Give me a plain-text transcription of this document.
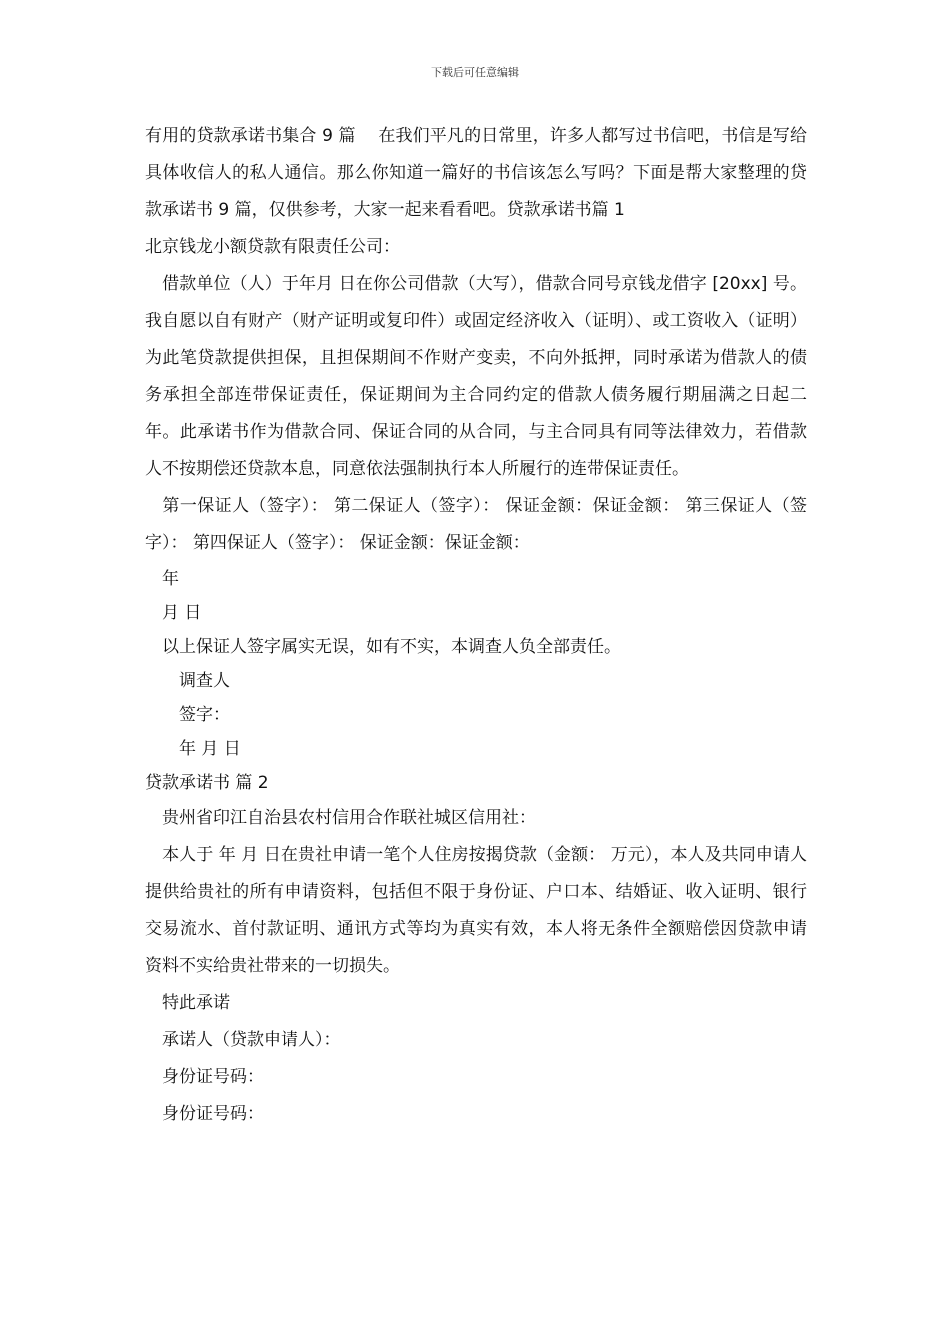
下载后可任意编辑

有用的贷款承诺书集合 9 篇　 在我们平凡的日常里，许多人都写过书信吧，书信是写给具体收信人的私人通信。那么你知道一篇好的书信该怎么写吗？下面是帮大家整理的贷款承诺书 9 篇，仅供参考，大家一起来看看吧。贷款承诺书篇 1

北京钱龙小额贷款有限责任公司：

　借款单位（人）于年月 日在你公司借款（大写），借款合同号京钱龙借字 [20xx] 号。我自愿以自有财产（财产证明或复印件）或固定经济收入（证明）、或工资收入（证明）为此笔贷款提供担保，且担保期间不作财产变卖，不向外抵押，同时承诺为借款人的债务承担全部连带保证责任，保证期间为主合同约定的借款人债务履行期届满之日起二年。此承诺书作为借款合同、保证合同的从合同，与主合同具有同等法律效力，若借款人不按期偿还贷款本息，同意依法强制执行本人所履行的连带保证责任。

　第一保证人（签字）： 第二保证人（签字）： 保证金额：保证金额： 第三保证人（签字）： 第四保证人（签字）： 保证金额：保证金额：

　年

　月 日

　以上保证人签字属实无误，如有不实，本调查人负全部责任。

　　调查人

　　签字：

　　年 月 日

贷款承诺书 篇 2

　贵州省印江自治县农村信用合作联社城区信用社：

　本人于 年 月 日在贵社申请一笔个人住房按揭贷款（金额： 万元），本人及共同申请人提供给贵社的所有申请资料，包括但不限于身份证、户口本、结婚证、收入证明、银行交易流水、首付款证明、通讯方式等均为真实有效，本人将无条件全额赔偿因贷款申请资料不实给贵社带来的一切损失。

　特此承诺

　承诺人（贷款申请人）：

　身份证号码：

　身份证号码：
